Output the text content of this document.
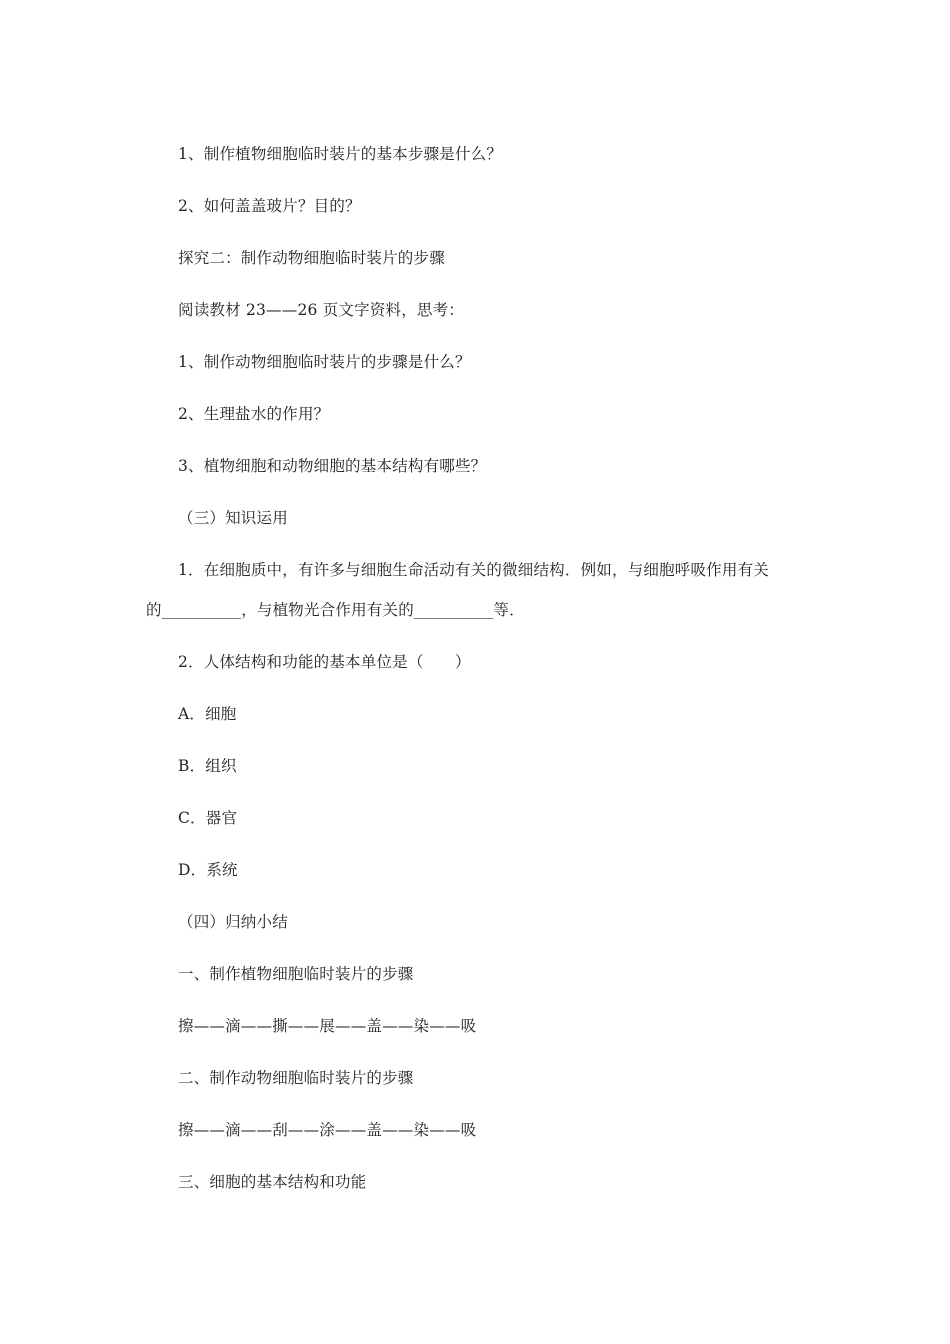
1、制作植物细胞临时装片的基本步骤是什么？

2、如何盖盖玻片？目的？

探究二：制作动物细胞临时装片的步骤

阅读教材 23——26 页文字资料，思考：

1、制作动物细胞临时装片的步骤是什么？

2、生理盐水的作用？

3、植物细胞和动物细胞的基本结构有哪些？

（三）知识运用

1．在细胞质中，有许多与细胞生命活动有关的微细结构．例如，与细胞呼吸作用有关

的__________，与植物光合作用有关的__________等．

2．人体结构和功能的基本单位是（　　）

A．细胞

B．组织

C．器官

D．系统

（四）归纳小结

一、制作植物细胞临时装片的步骤

擦——滴——撕——展——盖——染——吸

二、制作动物细胞临时装片的步骤

擦——滴——刮——涂——盖——染——吸

三、细胞的基本结构和功能
